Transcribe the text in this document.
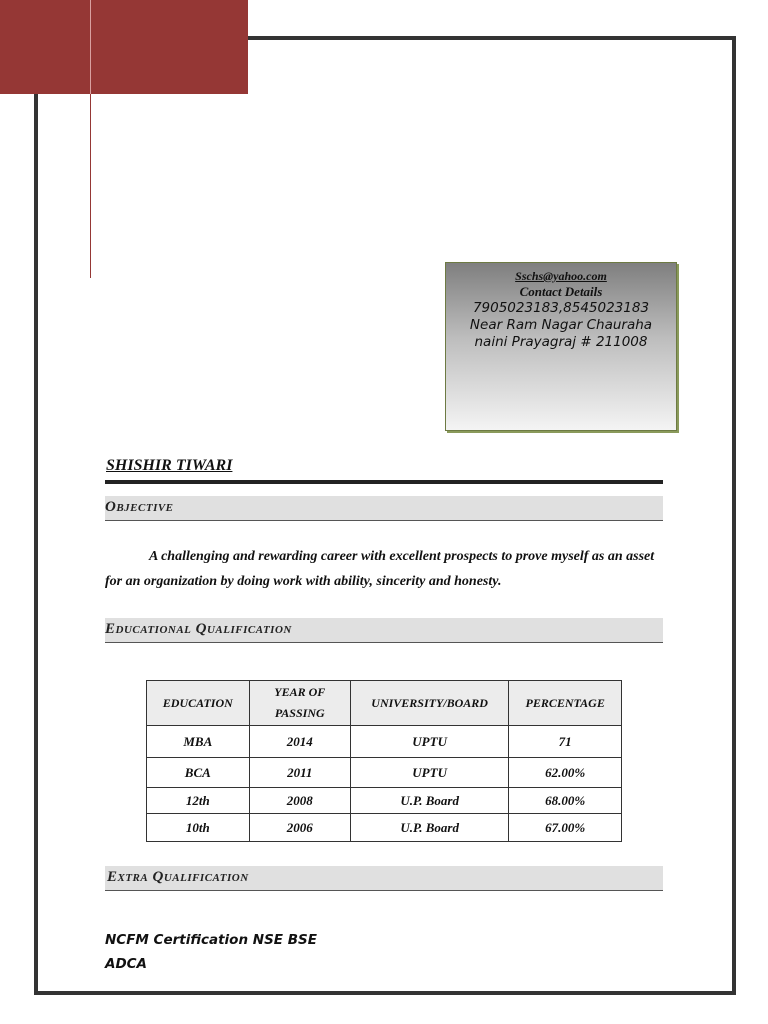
Sschs@yahoo.com
Contact Details
7905023183,8545023183
Near Ram Nagar Chauraha
naini Prayagraj # 211008
SHISHIR TIWARI
Objective
A challenging and rewarding career with excellent prospects to prove myself as an asset for an organization by doing work with ability, sincerity and honesty.
Educational Qualification
EDUCATION	YEAR OF PASSING	UNIVERSITY/BOARD	PERCENTAGE
MBA	2014	UPTU	71
BCA	2011	UPTU	62.00%
12th	2008	U.P. Board	68.00%
10th	2006	U.P. Board	67.00%
Extra Qualification
NCFM Certification NSE BSE
ADCA
